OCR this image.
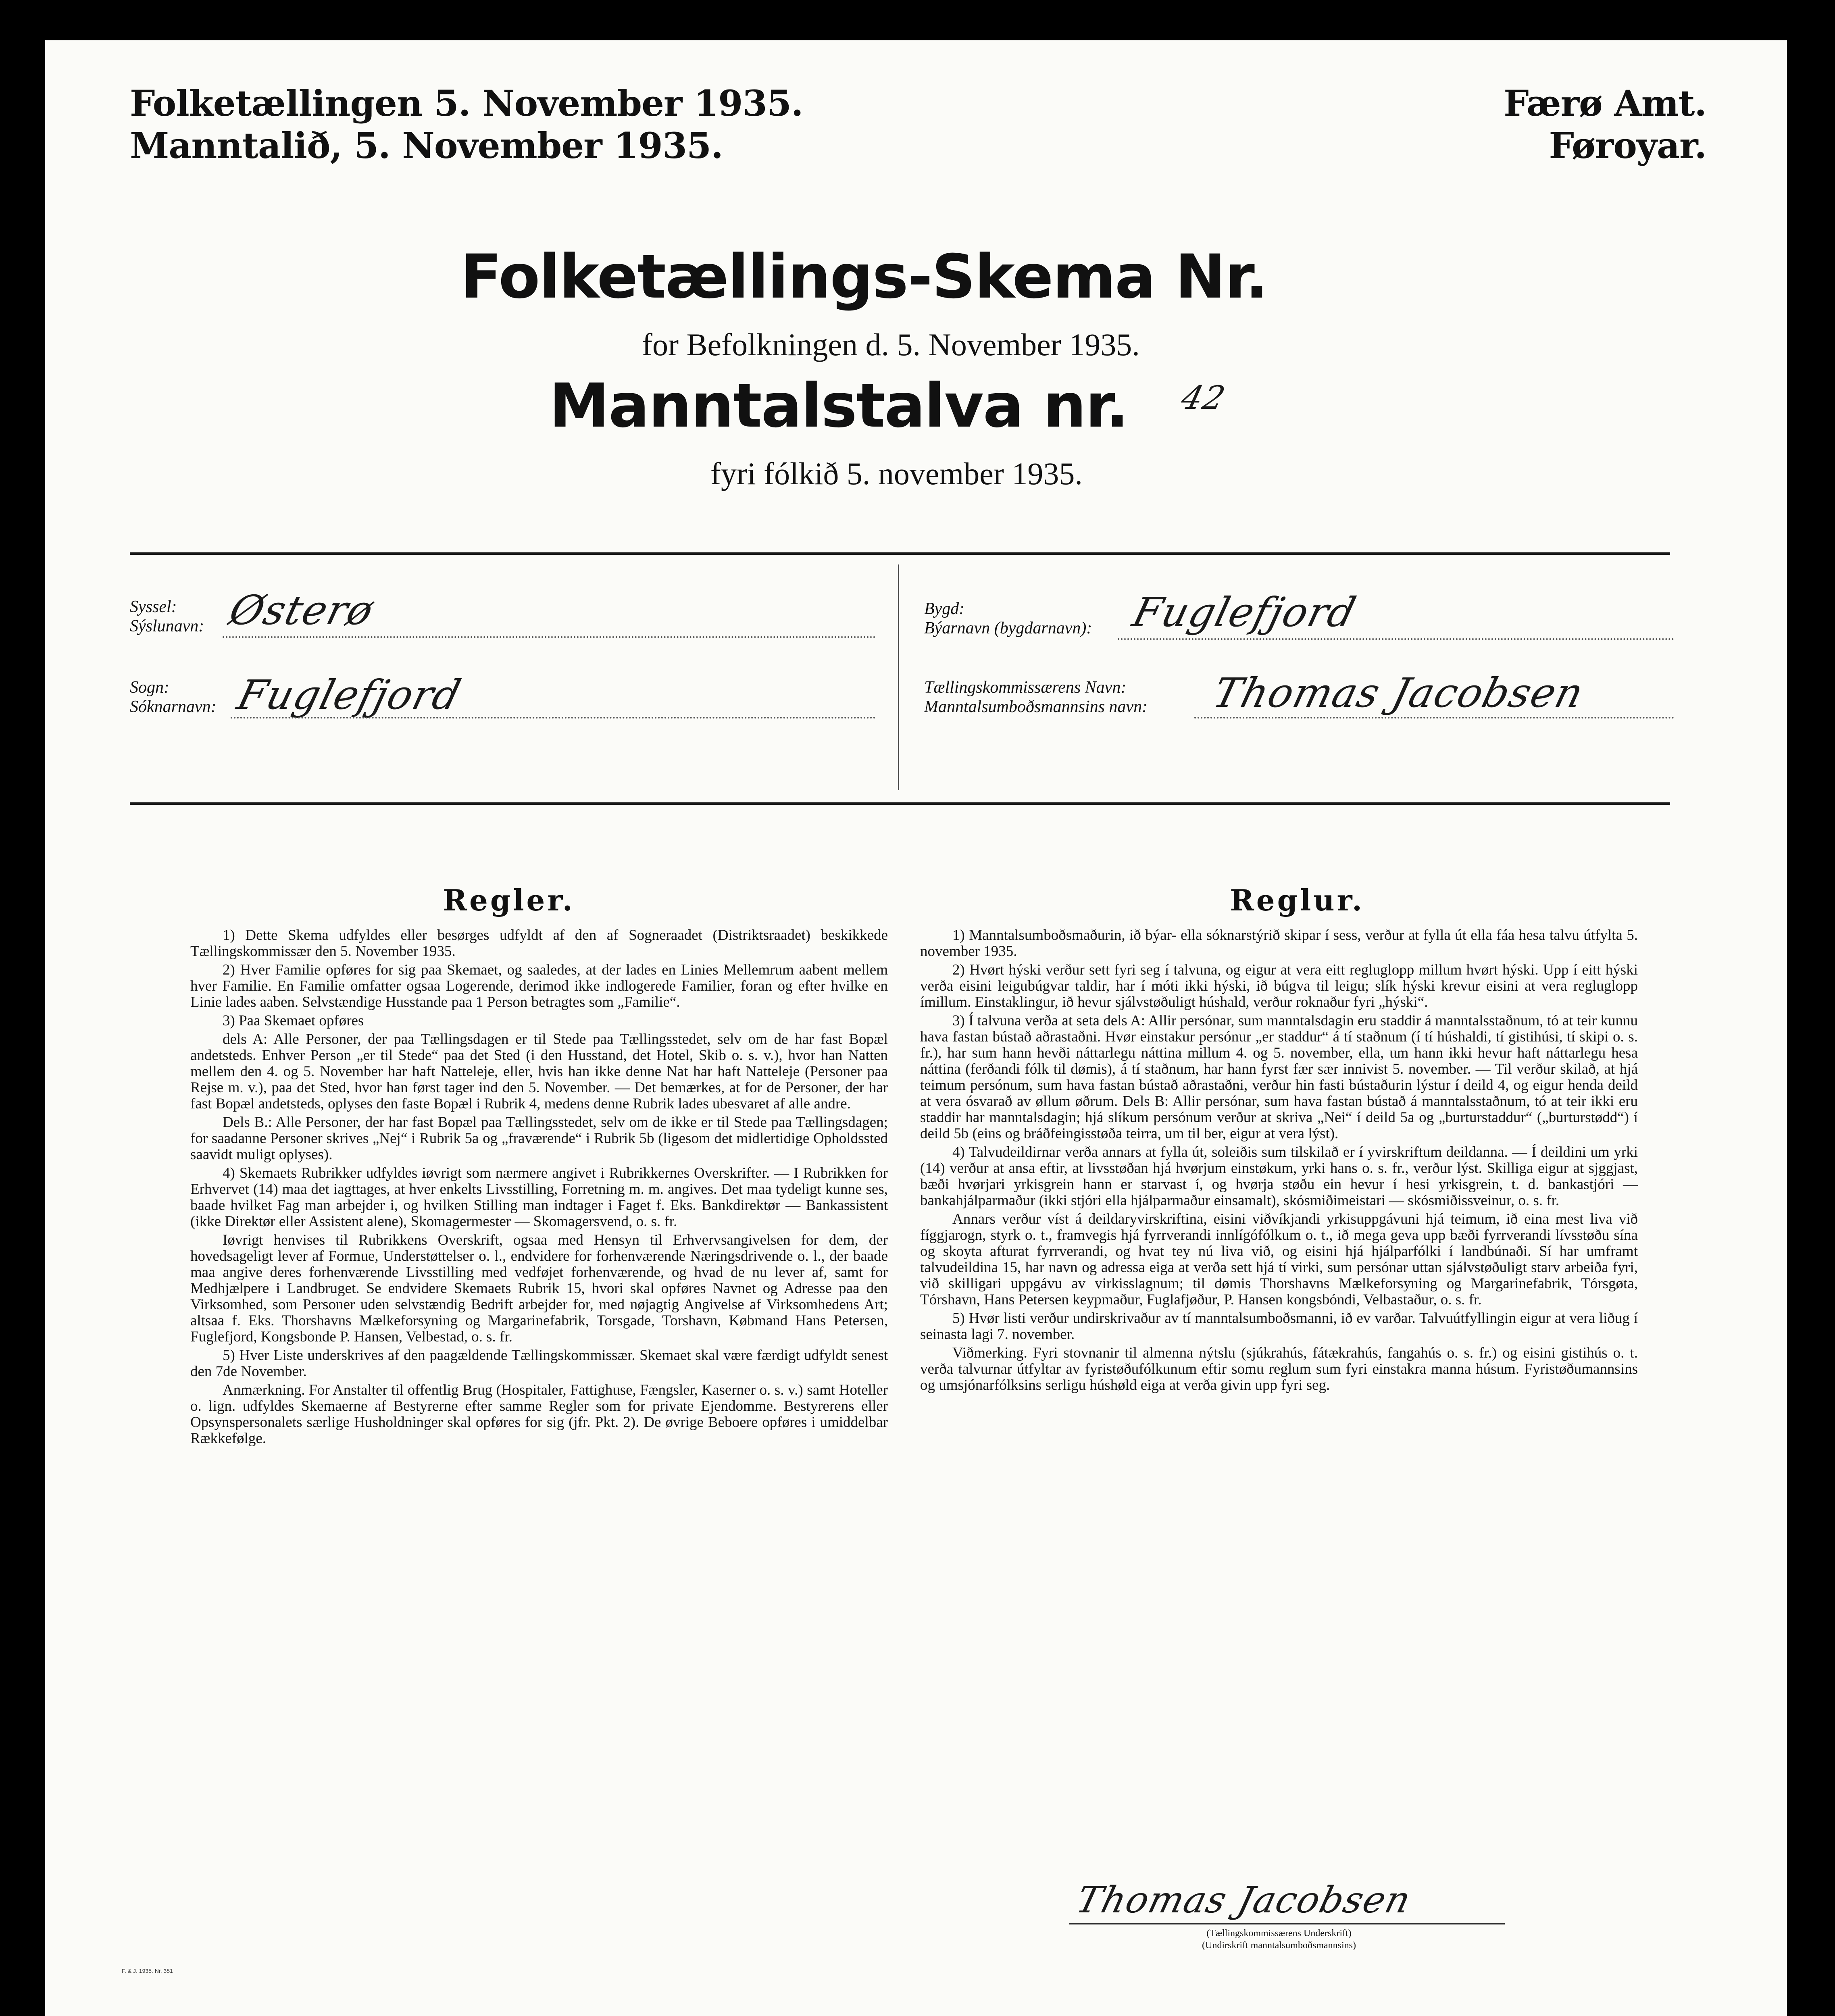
Folketællingen 5. November 1935.
Manntalið, 5. November 1935.
Færø Amt.
Føroyar.
Folketællings-Skema Nr.
for Befolkningen d. 5. November 1935.
Manntalstalva nr. 42
fyri fólkið 5. november 1935.
Syssel:
Sýslunavn: Østerø
Sogn:
Sóknarnavn: Fuglefjord
Bygd:
Býarnavn (bygdarnavn): Fuglefjord
Tællingskommissærens Navn:
Manntalsumboðsmannsins navn: Thomas Jacobsen
Regler.	Reglur.

1) Dette Skema udfyldes eller besørges udfyldt af den af Sogneraadet (Distriktsraadet) beskikkede Tællingskommissær den 5. November 1935.

2) Hver Familie opføres for sig paa Skemaet, og saaledes, at der lades en Linies Mellemrum aabent mellem hver Familie. En Familie omfatter ogsaa Logerende, derimod ikke indlogerede Familier, foran og efter hvilke en Linie lades aaben. Selvstændige Husstande paa 1 Person betragtes som „Familie“.

3) Paa Skemaet opføres

dels A: Alle Personer, der paa Tællingsdagen er til Stede paa Tællingsstedet, selv om de har fast Bopæl andetsteds. Enhver Person „er til Stede“ paa det Sted (i den Husstand, det Hotel, Skib o. s. v.), hvor han Natten mellem den 4. og 5. November har haft Natteleje, eller, hvis han ikke denne Nat har haft Natteleje (Personer paa Rejse m. v.), paa det Sted, hvor han først tager ind den 5. November. — Det bemærkes, at for de Personer, der har fast Bopæl andetsteds, oplyses den faste Bopæl i Rubrik 4, medens denne Rubrik lades ubesvaret af alle andre.

Dels B.: Alle Personer, der har fast Bopæl paa Tællingsstedet, selv om de ikke er til Stede paa Tællingsdagen; for saadanne Personer skrives „Nej“ i Rubrik 5a og „fraværende“ i Rubrik 5b (ligesom det midlertidige Opholdssted saavidt muligt oplyses).

4) Skemaets Rubrikker udfyldes iøvrigt som nærmere angivet i Rubrikkernes Overskrifter. — I Rubrikken for Erhvervet (14) maa det iagttages, at hver enkelts Livsstilling, Forretning m. m. angives. Det maa tydeligt kunne ses, baade hvilket Fag man arbejder i, og hvilken Stilling man indtager i Faget f. Eks. Bankdirektør — Bankassistent (ikke Direktør eller Assistent alene), Skomagermester — Skomagersvend, o. s. fr.

Iøvrigt henvises til Rubrikkens Overskrift, ogsaa med Hensyn til Erhvervsangivelsen for dem, der hovedsageligt lever af Formue, Understøttelser o. l., endvidere for forhenværende Næringsdrivende o. l., der baade maa angive deres forhenværende Livsstilling med vedføjet forhenværende, og hvad de nu lever af, samt for Medhjælpere i Landbruget. Se endvidere Skemaets Rubrik 15, hvori skal opføres Navnet og Adresse paa den Virksomhed, som Personer uden selvstændig Bedrift arbejder for, med nøjagtig Angivelse af Virksomhedens Art; altsaa f. Eks. Thorshavns Mælkeforsyning og Margarinefabrik, Torsgade, Torshavn, Købmand Hans Petersen, Fuglefjord, Kongsbonde P. Hansen, Velbestad, o. s. fr.

5) Hver Liste underskrives af den paagældende Tællingskommissær. Skemaet skal være færdigt udfyldt senest den 7de November.

Anmærkning. For Anstalter til offentlig Brug (Hospitaler, Fattighuse, Fængsler, Kaserner o. s. v.) samt Hoteller o. lign. udfyldes Skemaerne af Bestyrerne efter samme Regler som for private Ejendomme. Bestyrerens eller Opsynspersonalets særlige Husholdninger skal opføres for sig (jfr. Pkt. 2). De øvrige Beboere opføres i umiddelbar Rækkefølge.

1) Manntalsumboðsmaðurin, ið býar- ella sóknarstýrið skipar í sess, verður at fylla út ella fáa hesa talvu útfylta 5. november 1935.

2) Hvørt hýski verður sett fyri seg í talvuna, og eigur at vera eitt regluglopp millum hvørt hýski. Upp í eitt hýski verða eisini leigubúgvar taldir, har í móti ikki hýski, ið búgva til leigu; slík hýski krevur eisini at vera regluglopp ímillum. Einstaklingur, ið hevur sjálvstøðuligt húshald, verður roknaður fyri „hýski“.

3) Í talvuna verða at seta dels A: Allir persónar, sum manntalsdagin eru staddir á manntalsstaðnum, tó at teir kunnu hava fastan bústað aðrastaðni. Hvør einstakur persónur „er staddur“ á tí staðnum (í tí húshaldi, tí gistihúsi, tí skipi o. s. fr.), har sum hann hevði náttarlegu náttina millum 4. og 5. november, ella, um hann ikki hevur haft náttarlegu hesa náttina (ferðandi fólk til dømis), á tí staðnum, har hann fyrst fær sær innivist 5. november. — Til verður skilað, at hjá teimum persónum, sum hava fastan bústað aðrastaðni, verður hin fasti bústaðurin lýstur í deild 4, og eigur henda deild at vera ósvarað av øllum øðrum. Dels B: Allir persónar, sum hava fastan bústað á manntalsstaðnum, tó at teir ikki eru staddir har manntalsdagin; hjá slíkum persónum verður at skriva „Nei“ í deild 5a og „burturstaddur“ („burturstødd“) í deild 5b (eins og bráðfeingisstøða teirra, um til ber, eigur at vera lýst).

4) Talvudeildirnar verða annars at fylla út, soleiðis sum tilskilað er í yvirskriftum deildanna. — Í deildini um yrki (14) verður at ansa eftir, at livsstøðan hjá hvørjum einstøkum, yrki hans o. s. fr., verður lýst. Skilliga eigur at sjggjast, bæði hvørjari yrkisgrein hann er starvast í, og hvørja støðu ein hevur í hesi yrkisgrein, t. d. bankastjóri — bankahjálparmaður (ikki stjóri ella hjálparmaður einsamalt), skósmiðimeistari — skósmiðissveinur, o. s. fr.

Annars verður víst á deildaryvirskriftina, eisini viðvíkjandi yrkisuppgávuni hjá teimum, ið eina mest liva við fíggjarogn, styrk o. t., framvegis hjá fyrrverandi innlígófólkum o. t., ið mega geva upp bæði fyrrverandi lívsstøðu sína og skoyta afturat fyrrverandi, og hvat tey nú liva við, og eisini hjá hjálparfólki í landbúnaði. Sí har umframt talvudeildina 15, har navn og adressa eiga at verða sett hjá tí virki, sum persónar uttan sjálvstøðuligt starv arbeiða fyri, við skilligari uppgávu av virkisslagnum; til dømis Thorshavns Mælkeforsyning og Margarinefabrik, Tórsgøta, Tórshavn, Hans Petersen keypmaður, Fuglafjøður, P. Hansen kongsbóndi, Velbastaður, o. s. fr.

5) Hvør listi verður undirskrivaður av tí manntalsumboðsmanni, ið ev varðar. Talvuútfyllingin eigur at vera liðug í seinasta lagi 7. november.

Viðmerking. Fyri stovnanir til almenna nýtslu (sjúkrahús, fátækrahús, fangahús o. s. fr.) og eisini gistihús o. t. verða talvurnar útfyltar av fyristøðufólkunum eftir somu reglum sum fyri einstakra manna húsum. Fyristøðumannsins og umsjónarfólksins serligu húshøld eiga at verða givin upp fyri seg.

Thomas Jacobsen
(Tællingskommissærens Underskrift)
(Undirskrift manntalsumboðsmannsins)
F. & J. 1935. Nr. 351
